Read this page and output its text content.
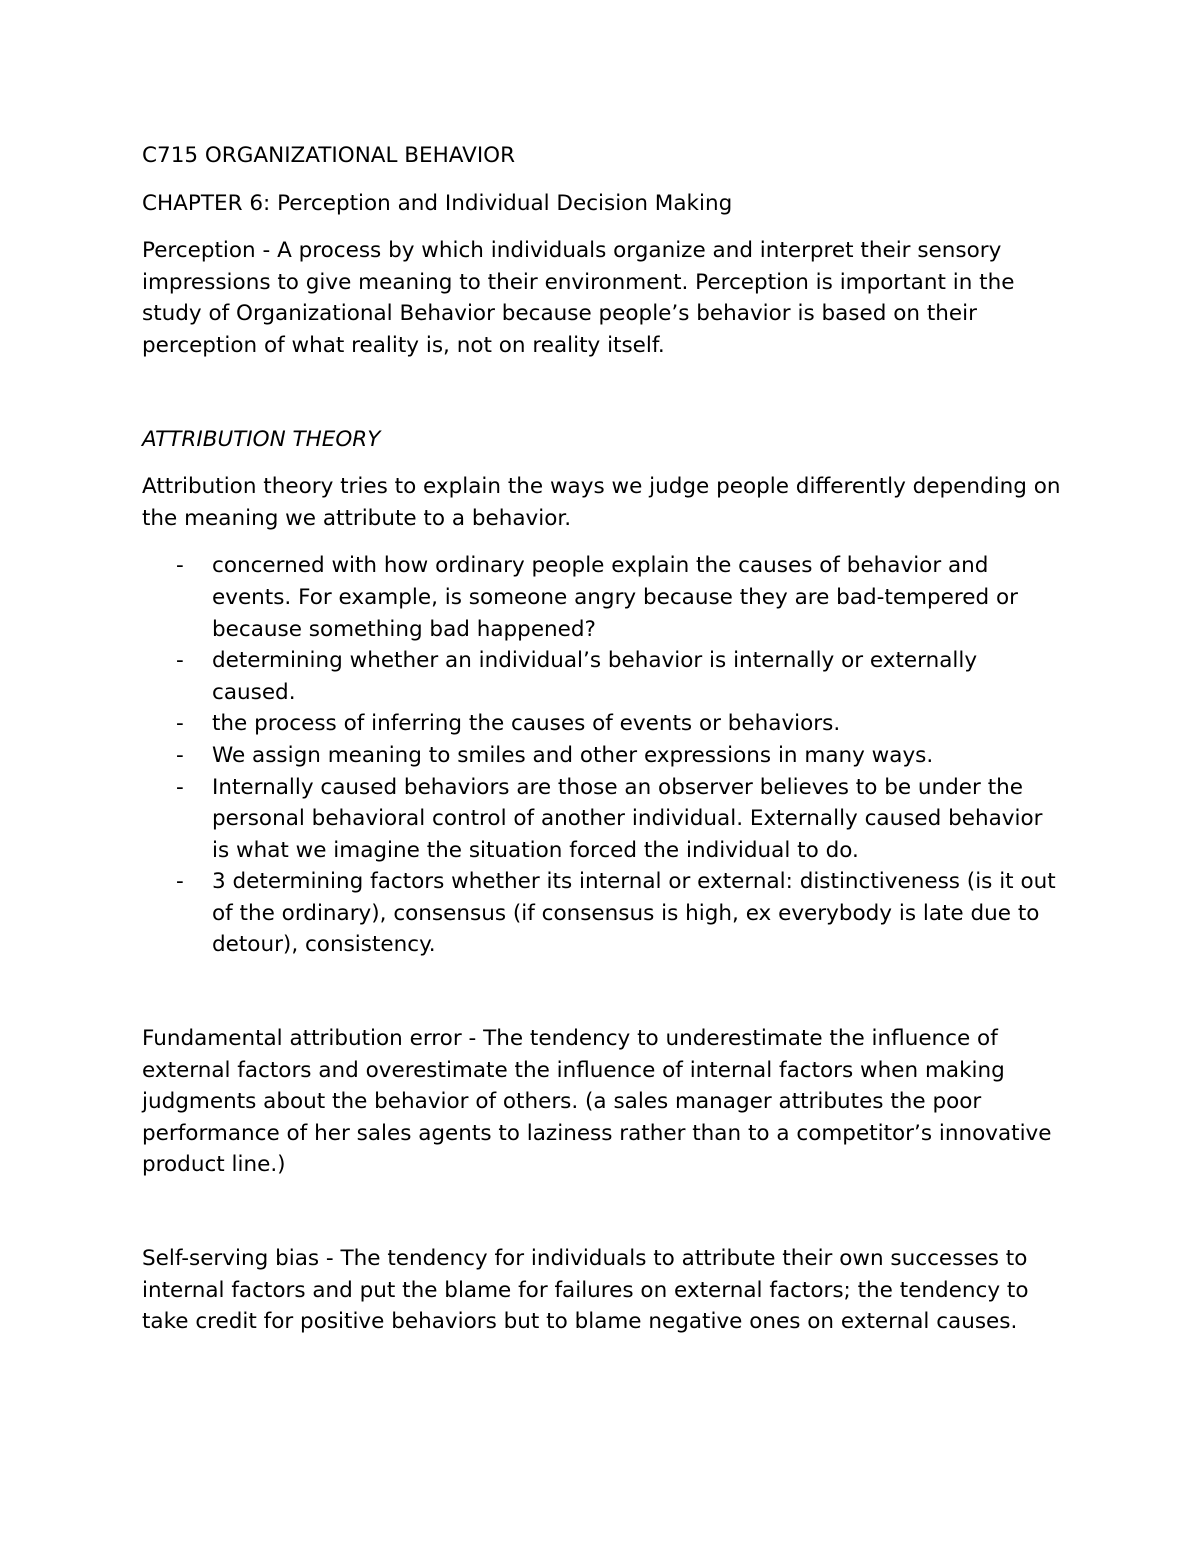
C715 ORGANIZATIONAL BEHAVIOR

CHAPTER 6: Perception and Individual Decision Making

Perception - A process by which individuals organize and interpret their sensory impressions to give meaning to their environment. Perception is important in the study of Organizational Behavior because people’s behavior is based on their perception of what reality is, not on reality itself.

ATTRIBUTION THEORY

Attribution theory tries to explain the ways we judge people differently depending on the meaning we attribute to a behavior.

- concerned with how ordinary people explain the causes of behavior and events. For example, is someone angry because they are bad-tempered or because something bad happened?
- determining whether an individual’s behavior is internally or externally caused.
- the process of inferring the causes of events or behaviors.
- We assign meaning to smiles and other expressions in many ways.
- Internally caused behaviors are those an observer believes to be under the personal behavioral control of another individual. Externally caused behavior is what we imagine the situation forced the individual to do.
- 3 determining factors whether its internal or external: distinctiveness (is it out of the ordinary), consensus (if consensus is high, ex everybody is late due to detour), consistency.

Fundamental attribution error - The tendency to underestimate the influence of external factors and overestimate the influence of internal factors when making judgments about the behavior of others. (a sales manager attributes the poor performance of her sales agents to laziness rather than to a competitor’s innovative product line.)

Self-serving bias - The tendency for individuals to attribute their own successes to internal factors and put the blame for failures on external factors; the tendency to take credit for positive behaviors but to blame negative ones on external causes.
